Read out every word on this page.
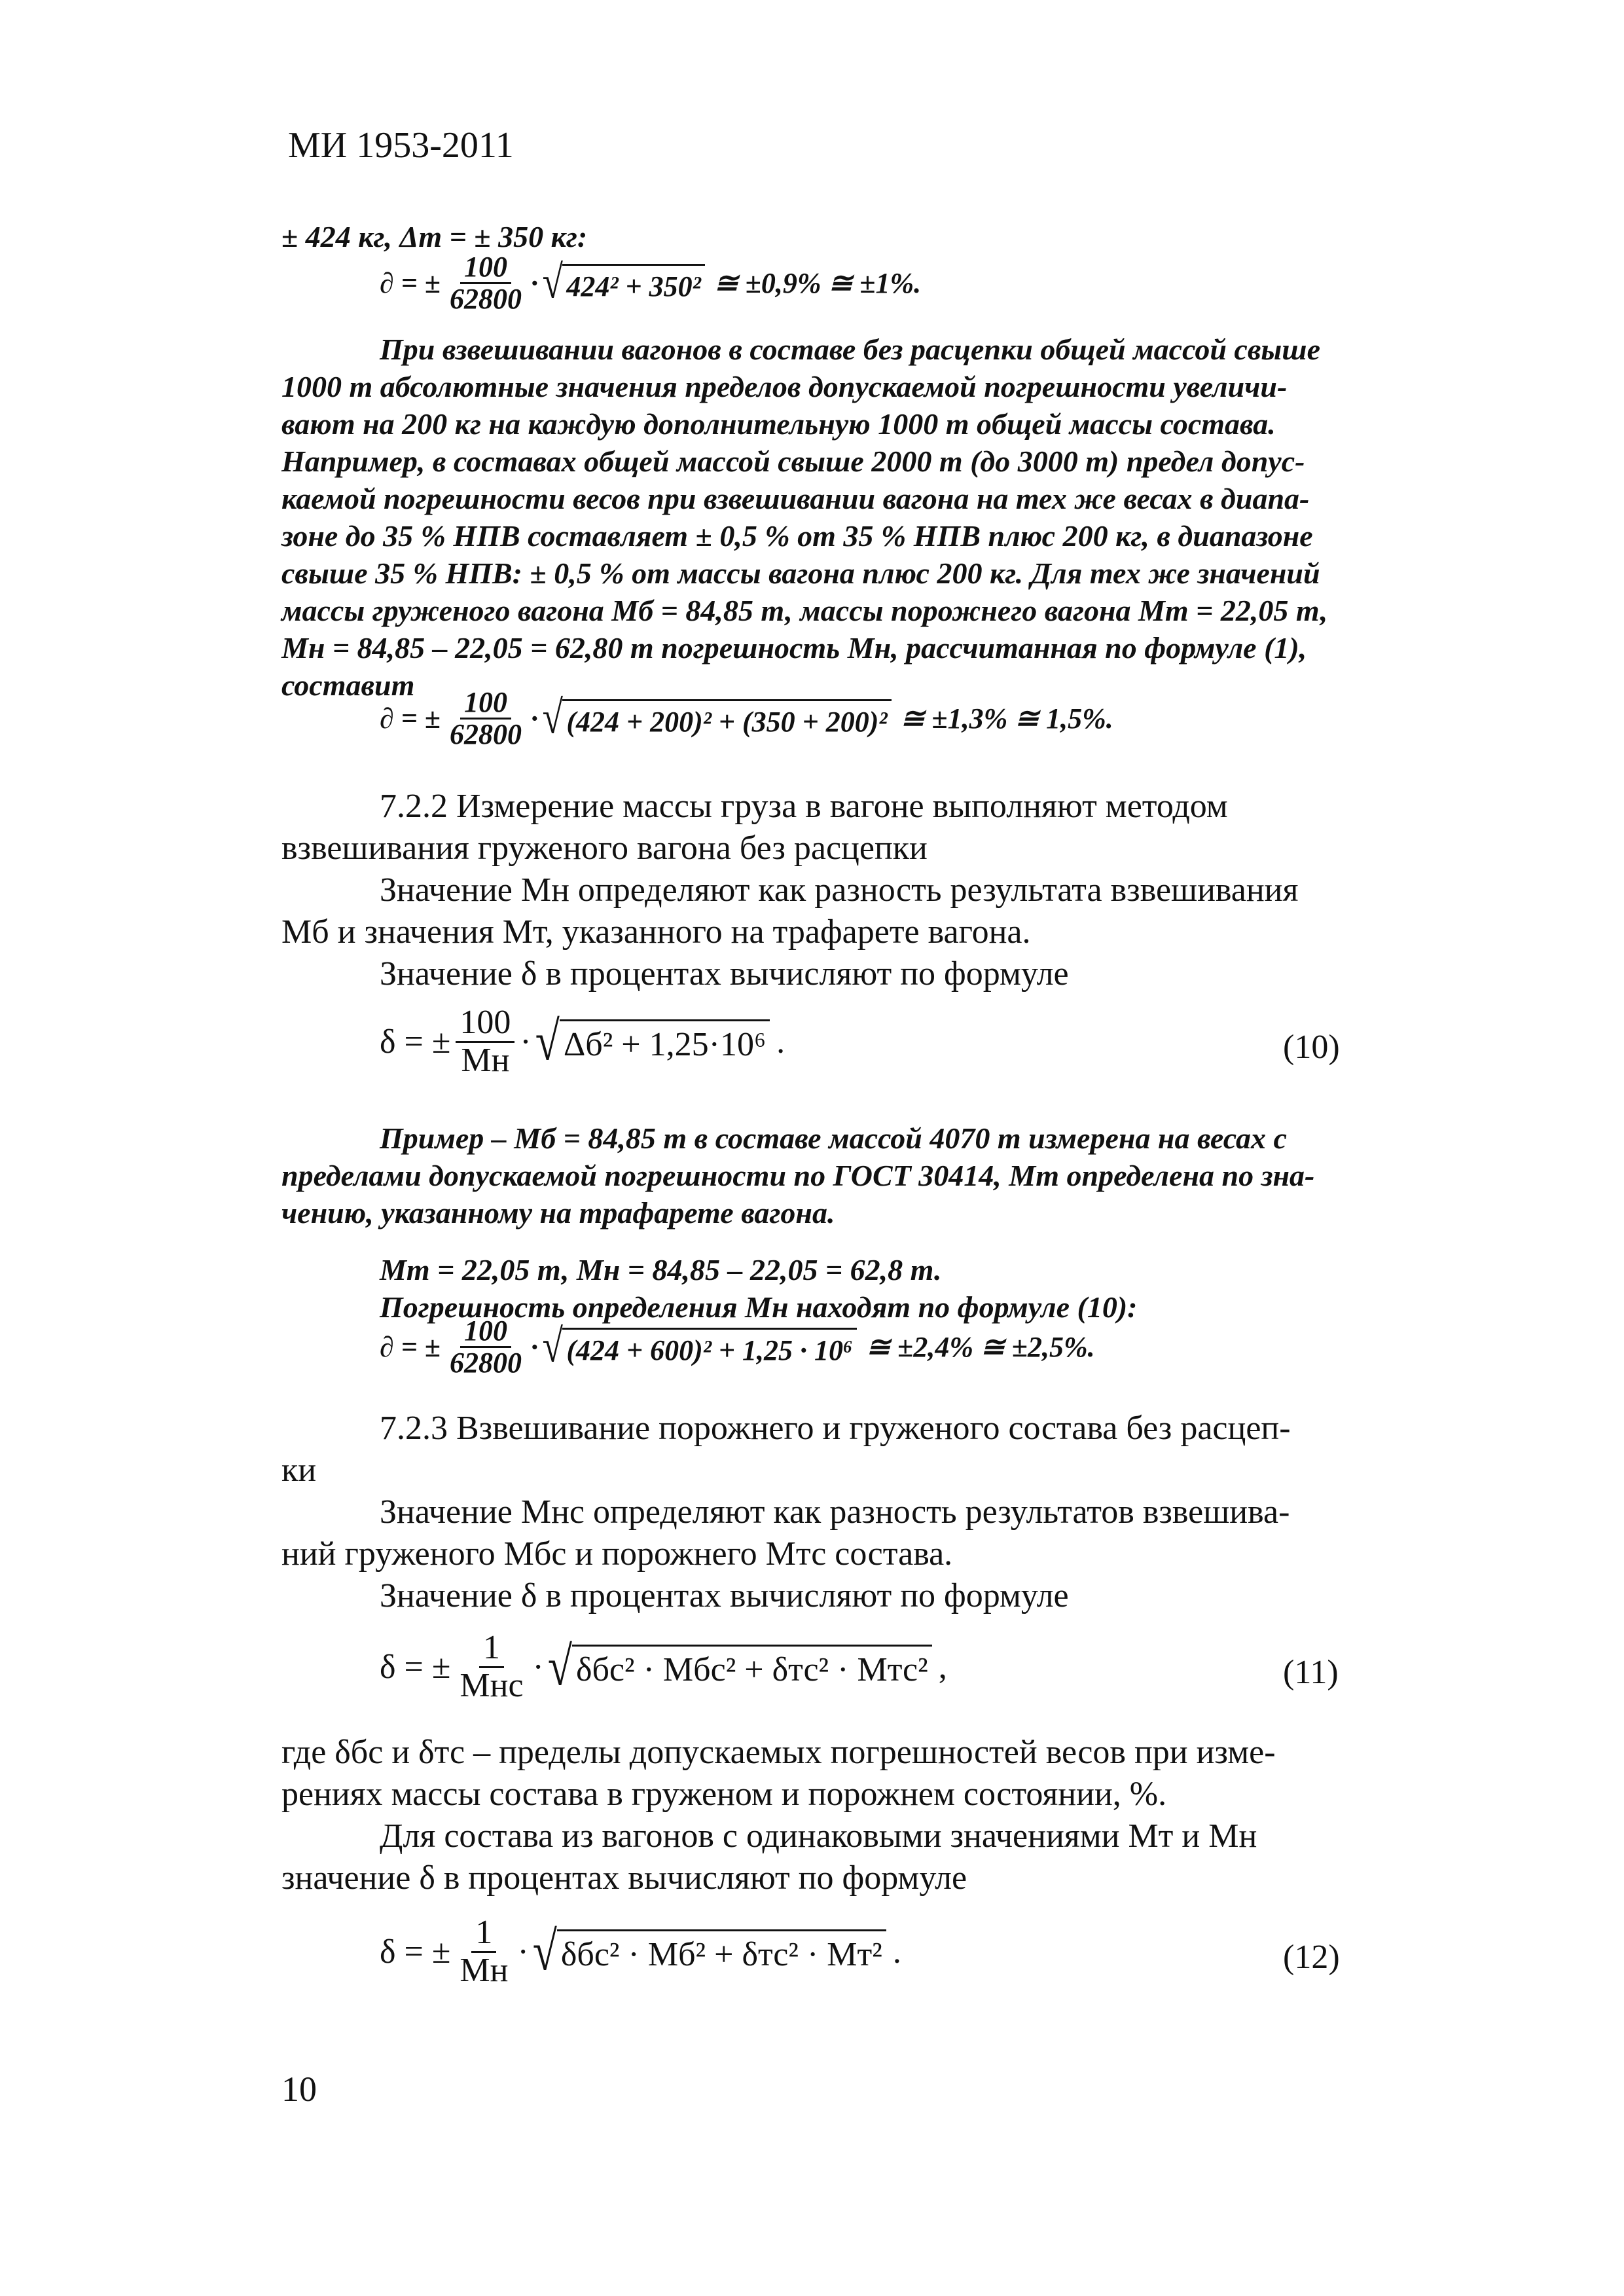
МИ 1953-2011
± 424 кг, Δт = ± 350 кг:
∂ = ± $\frac{100}{62800}$ · √ 424² + 350² ≅ ±0,9% ≅ ±1%.
При взвешивании вагонов в составе без расцепки общей массой свыше
1000 т абсолютные значения пределов допускаемой погрешности увеличи-
вают на 200 кг на каждую дополнительную 1000 т общей массы состава.
Например, в составах общей массой свыше 2000 т (до 3000 т) предел допус-
каемой погрешности весов при взвешивании вагона на тех же весах в диапа-
зоне до 35 % НПВ составляет ± 0,5 % от 35 % НПВ плюс 200 кг, в диапазоне
свыше 35 % НПВ: ± 0,5 % от массы вагона плюс 200 кг. Для тех же значений
массы груженого вагона Мб = 84,85 т, массы порожнего вагона Мт = 22,05 т,
Мн = 84,85 – 22,05 = 62,80 т погрешность Мн, рассчитанная по формуле (1),
составит
∂ = ± $\frac{100}{62800}$ · √ (424 + 200)² + (350 + 200)² ≅ ±1,3% ≅ 1,5%.
7.2.2 Измерение массы груза в вагоне выполняют методом
взвешивания груженого вагона без расцепки
Значение Мн определяют как разность результата взвешивания
Мб и значения Мт, указанного на трафарете вагона.
Значение δ в процентах вычисляют по формуле
δ = ± $\frac{100}{Мн}$ · √ Δб² + 1,25·10⁶ .	(10)
Пример – Мб = 84,85 т в составе массой 4070 т измерена на весах с
пределами допускаемой погрешности по ГОСТ 30414, Мт определена по зна-
чению, указанному на трафарете вагона.
Мт = 22,05 т, Мн = 84,85 – 22,05 = 62,8 т.
Погрешность определения Мн находят по формуле (10):
∂ = ± $\frac{100}{62800}$ · √ (424 + 600)² + 1,25 · 10⁶ ≅ ±2,4% ≅ ±2,5%.
7.2.3 Взвешивание порожнего и груженого состава без расцеп-
ки
Значение Мнс определяют как разность результатов взвешива-
ний груженого Мбс и порожнего Мтс состава.
Значение δ в процентах вычисляют по формуле
δ = ± $\frac{1}{\text{Мнс}}$ · √ δбс² · Мбс² + δтс² · Мтс² ,	(11)
где δбс и δтс – пределы допускаемых погрешностей весов при изме-
рениях массы состава в груженом и порожнем состоянии, %.
Для состава из вагонов с одинаковыми значениями Мт и Мн
значение δ в процентах вычисляют по формуле
δ = ± $\frac{1}{Мн}$ · √ δбс² · Мб² + δтс² · Мт² .	(12)
10
